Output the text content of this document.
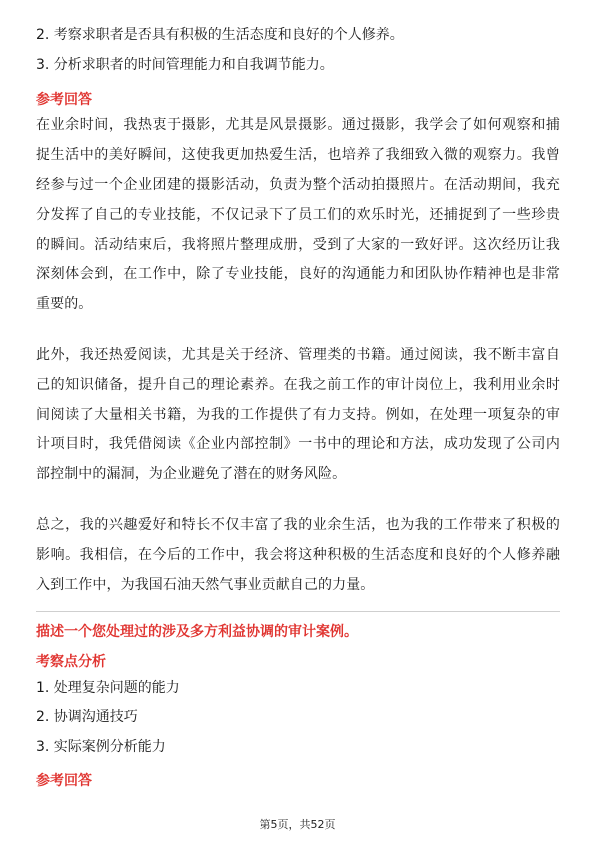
2. 考察求职者是否具有积极的生活态度和良好的个人修养。
3. 分析求职者的时间管理能力和自我调节能力。
参考回答
在业余时间，我热衷于摄影，尤其是风景摄影。通过摄影，我学会了如何观察和捕
捉生活中的美好瞬间，这使我更加热爱生活，也培养了我细致入微的观察力。我曾
经参与过一个企业团建的摄影活动，负责为整个活动拍摄照片。在活动期间，我充
分发挥了自己的专业技能，不仅记录下了员工们的欢乐时光，还捕捉到了一些珍贵
的瞬间。活动结束后，我将照片整理成册，受到了大家的一致好评。这次经历让我
深刻体会到，在工作中，除了专业技能，良好的沟通能力和团队协作精神也是非常
重要的。
此外，我还热爱阅读，尤其是关于经济、管理类的书籍。通过阅读，我不断丰富自
己的知识储备，提升自己的理论素养。在我之前工作的审计岗位上，我利用业余时
间阅读了大量相关书籍，为我的工作提供了有力支持。例如，在处理一项复杂的审
计项目时，我凭借阅读《企业内部控制》一书中的理论和方法，成功发现了公司内
部控制中的漏洞，为企业避免了潜在的财务风险。
总之，我的兴趣爱好和特长不仅丰富了我的业余生活，也为我的工作带来了积极的
影响。我相信，在今后的工作中，我会将这种积极的生活态度和良好的个人修养融
入到工作中，为我国石油天然气事业贡献自己的力量。
描述一个您处理过的涉及多方利益协调的审计案例。
考察点分析
1. 处理复杂问题的能力
2. 协调沟通技巧
3. 实际案例分析能力
参考回答
第5页，共52页
